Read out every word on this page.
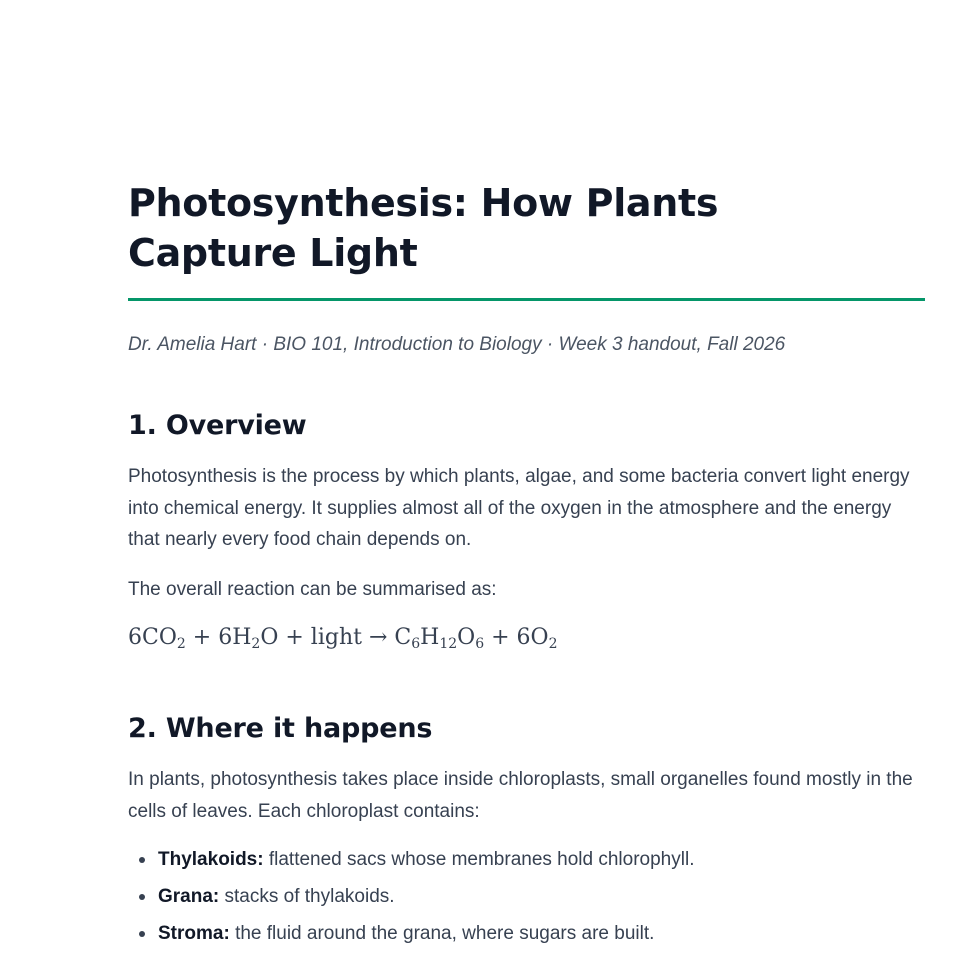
Photosynthesis: How Plants
Capture Light

Dr. Amelia Hart · BIO 101, Introduction to Biology · Week 3 handout, Fall 2026

1. Overview

Photosynthesis is the process by which plants, algae, and some bacteria convert light energy into chemical energy. It supplies almost all of the oxygen in the atmosphere and the energy that nearly every food chain depends on.

The overall reaction can be summarised as:

$6CO_2 + 6H_2O$ + light → $C_6H_{12}O_6 + 6O_2$
2. Where it happens

In plants, photosynthesis takes place inside chloroplasts, small organelles found mostly in the cells of leaves. Each chloroplast contains:

Thylakoids: flattened sacs whose membranes hold chlorophyll.
Grana: stacks of thylakoids.
Stroma: the fluid around the grana, where sugars are built.
